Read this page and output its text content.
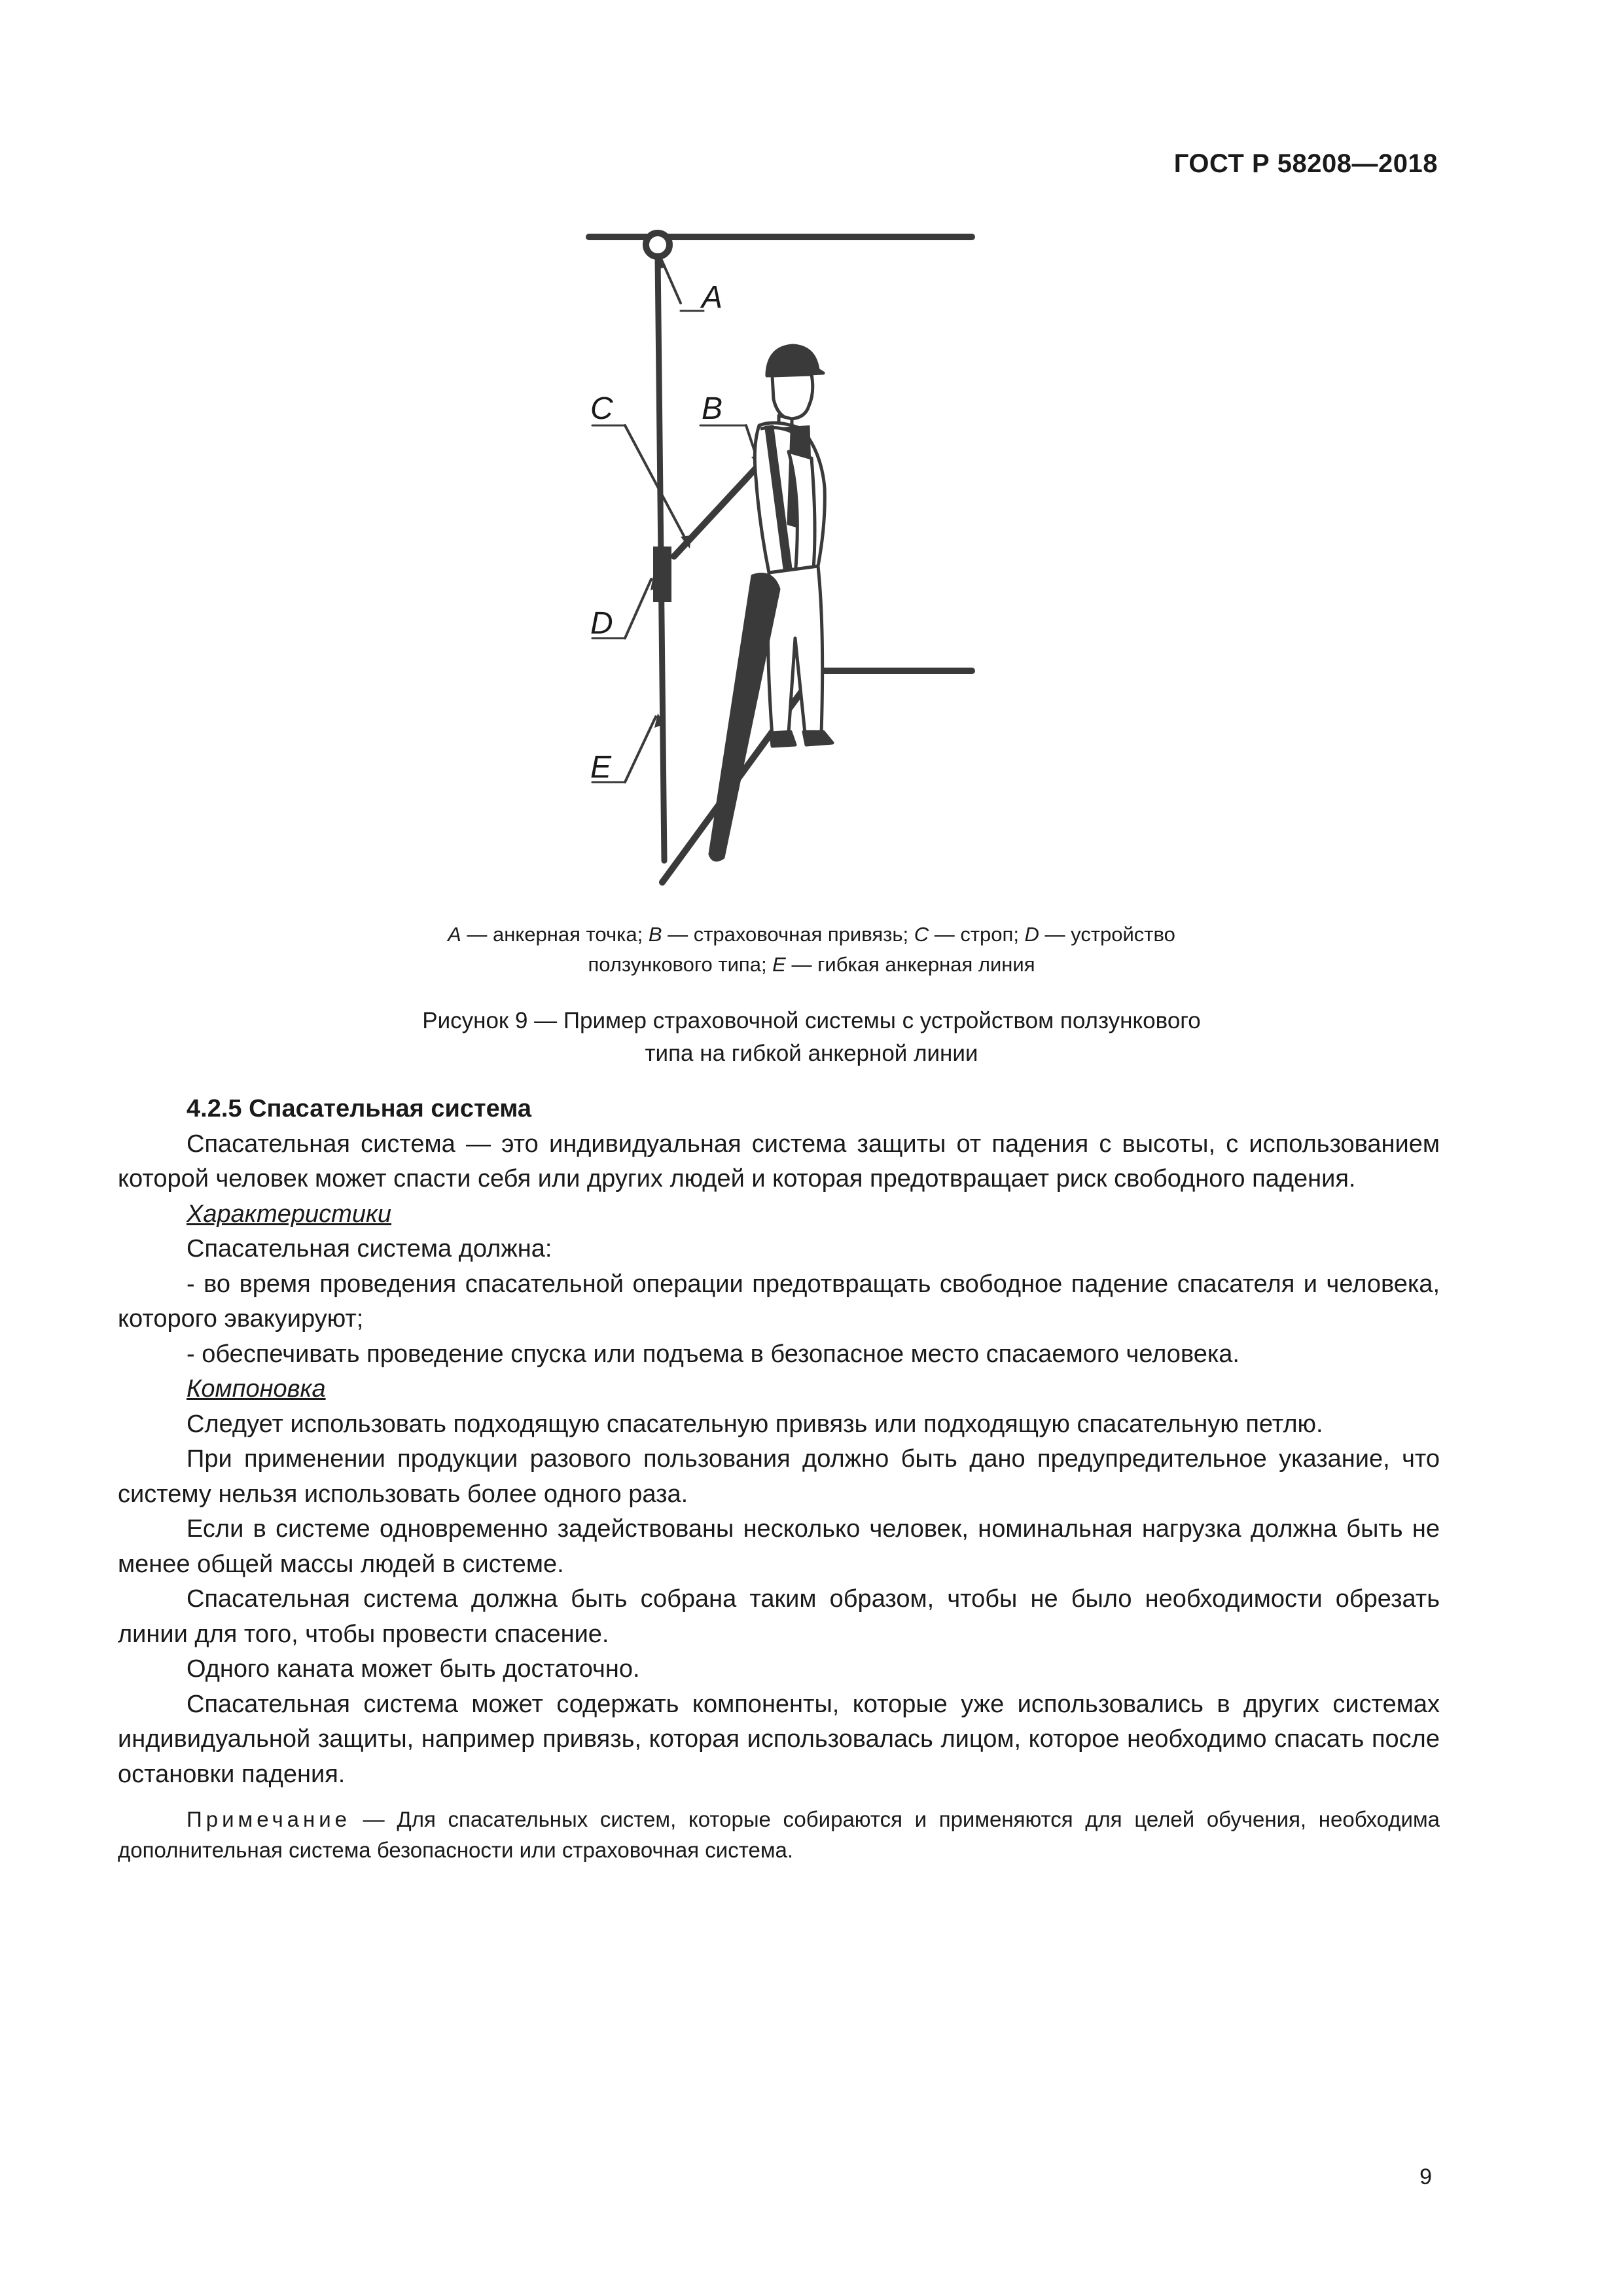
ГОСТ Р 58208—2018
A
B
C
D
E
A — анкерная точка; B — страховочная привязь; C — строп; D — устройство
ползункового типа; E — гибкая анкерная линия
Рисунок 9 — Пример страховочной системы с устройством ползункового
типа на гибкой анкерной линии

4.2.5 Спасательная система

Спасательная система — это индивидуальная система защиты от падения с высоты, с использованием которой человек может спасти себя или других людей и которая предотвращает риск свободного падения.

Характеристики

Спасательная система должна:

- во время проведения спасательной операции предотвращать свободное падение спасателя и человека, которого эвакуируют;

- обеспечивать проведение спуска или подъема в безопасное место спасаемого человека.

Компоновка

Следует использовать подходящую спасательную привязь или подходящую спасательную петлю.

При применении продукции разового пользования должно быть дано предупредительное указание, что систему нельзя использовать более одного раза.

Если в системе одновременно задействованы несколько человек, номинальная нагрузка должна быть не менее общей массы людей в системе.

Спасательная система должна быть собрана таким образом, чтобы не было необходимости обрезать линии для того, чтобы провести спасение.

Одного каната может быть достаточно.

Спасательная система может содержать компоненты, которые уже использовались в других системах индивидуальной защиты, например привязь, которая использовалась лицом, которое необходимо спасать после остановки падения.

Примечание — Для спасательных систем, которые собираются и применяются для целей обучения, необходима дополнительная система безопасности или страховочная система.

9
